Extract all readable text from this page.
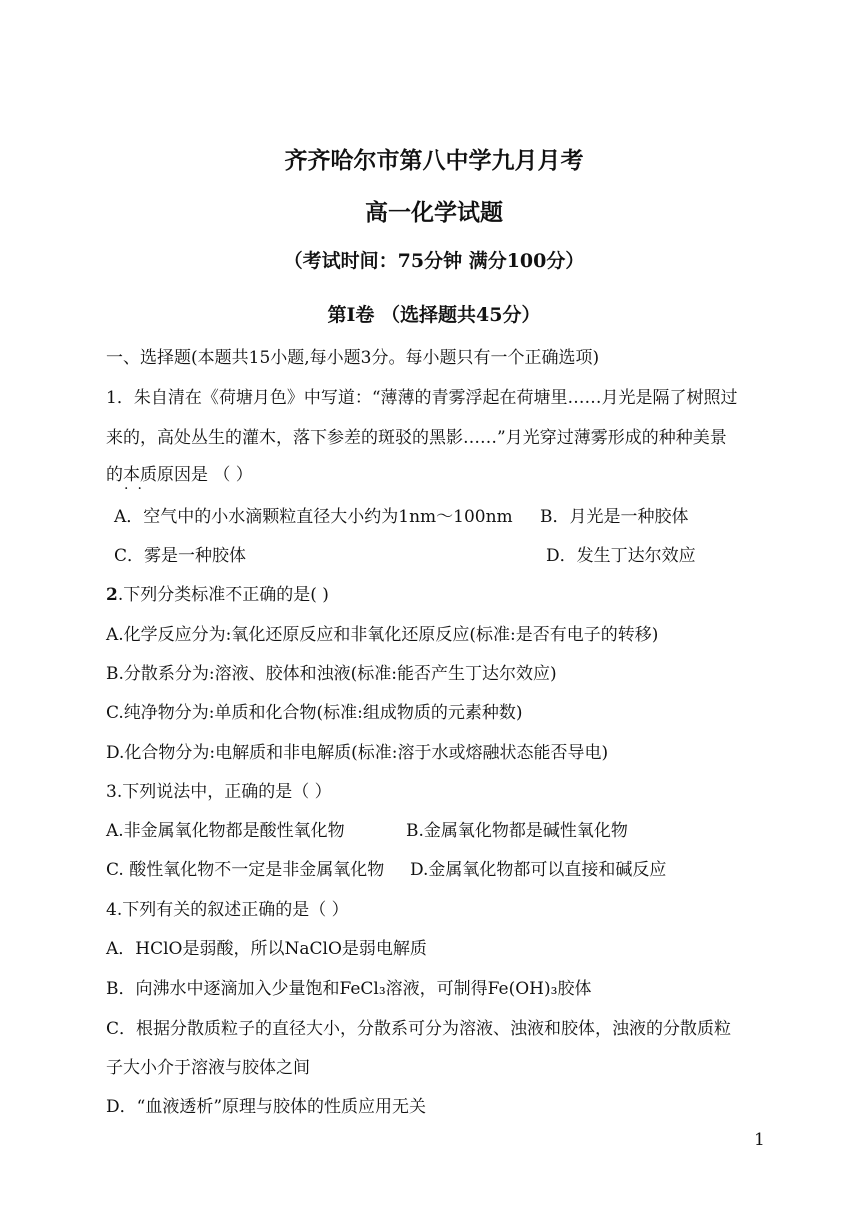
齐齐哈尔市第八中学九月月考
高一化学试题
（考试时间：75分钟 满分100分）
第I卷 （选择题共45分）
一、选择题(本题共15小题,每小题3分。每小题只有一个正确选项)
1．朱自清在《荷塘月色》中写道：“薄薄的青雾浮起在荷塘里……月光是隔了树照过
来的，高处丛生的灌木，落下参差的斑驳的黑影……”月光穿过薄雾形成的种种美景
的本质原因是 （ ）
··
A．空气中的小水滴颗粒直径大小约为1nm～100nm B．月光是一种胶体
C．雾是一种胶体	D．发生丁达尔效应
2.下列分类标准不正确的是( )
A.化学反应分为:氧化还原反应和非氧化还原反应(标准:是否有电子的转移)
B.分散系分为:溶液、胶体和浊液(标准:能否产生丁达尔效应)
C.纯净物分为:单质和化合物(标准:组成物质的元素种数)
D.化合物分为:电解质和非电解质(标准:溶于水或熔融状态能否导电)
3.下列说法中，正确的是（ ）
A.非金属氧化物都是酸性氧化物	B.金属氧化物都是碱性氧化物
C. 酸性氧化物不一定是非金属氧化物 D.金属氧化物都可以直接和碱反应
4.下列有关的叙述正确的是（ ）
A．HClO是弱酸，所以NaClO是弱电解质
B．向沸水中逐滴加入少量饱和FeCl₃溶液，可制得Fe(OH)₃胶体
C．根据分散质粒子的直径大小，分散系可分为溶液、浊液和胶体，浊液的分散质粒
子大小介于溶液与胶体之间
D．“血液透析”原理与胶体的性质应用无关
1
